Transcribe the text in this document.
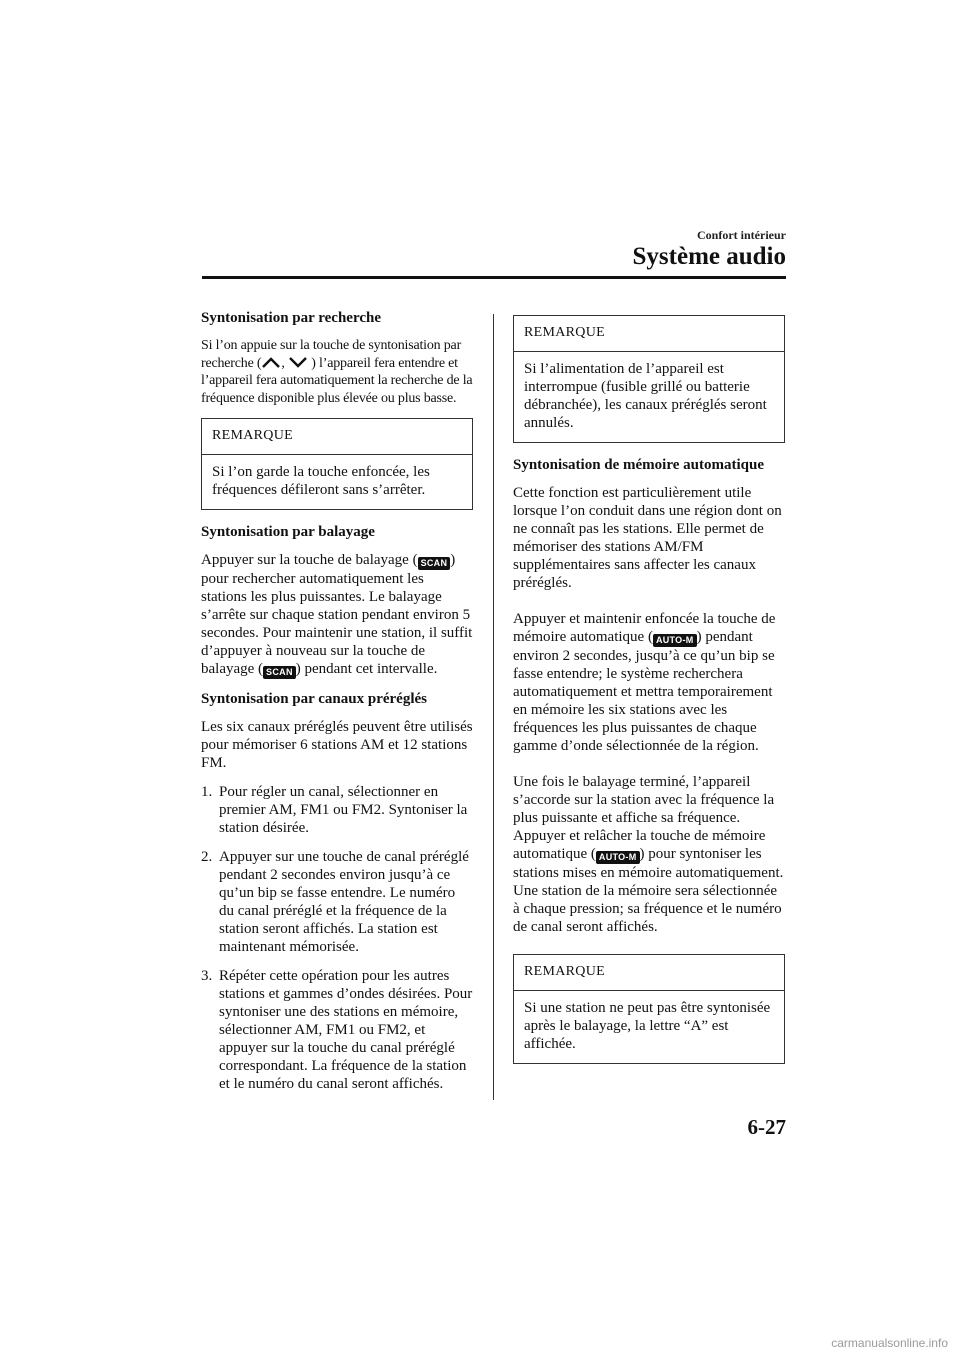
Confort intérieur
Système audio
Syntonisation par recherche

Si l’on appuie sur la touche de syntonisation par recherche ( , ) l’appareil fera entendre et l’appareil fera automatiquement la recherche de la fréquence disponible plus élevée ou plus basse.

REMARQUE
Si l’on garde la touche enfoncée, les fréquences défileront sans s’arrêter.
Syntonisation par balayage

Appuyer sur la touche de balayage ( SCAN ) pour rechercher automatiquement les stations les plus puissantes. Le balayage s’arrête sur chaque station pendant environ 5 secondes. Pour maintenir une station, il suffit d’appuyer à nouveau sur la touche de balayage ( SCAN ) pendant cet intervalle.

Syntonisation par canaux préréglés

Les six canaux préréglés peuvent être utilisés pour mémoriser 6 stations AM et 12 stations FM.

1. Pour régler un canal, sélectionner en premier AM, FM1 ou FM2. Syntoniser la station désirée.
2. Appuyer sur une touche de canal préréglé pendant 2 secondes environ jusqu’à ce qu’un bip se fasse entendre. Le numéro du canal préréglé et la fréquence de la station seront affichés. La station est maintenant mémorisée.
3. Répéter cette opération pour les autres stations et gammes d’ondes désirées. Pour syntoniser une des stations en mémoire, sélectionner AM, FM1 ou FM2, et appuyer sur la touche du canal préréglé correspondant. La fréquence de la station et le numéro du canal seront affichés.
REMARQUE
Si l’alimentation de l’appareil est interrompue (fusible grillé ou batterie débranchée), les canaux préréglés seront annulés.
Syntonisation de mémoire automatique

Cette fonction est particulièrement utile lorsque l’on conduit dans une région dont on ne connaît pas les stations. Elle permet de mémoriser des stations AM/FM supplémentaires sans affecter les canaux préréglés.

Appuyer et maintenir enfoncée la touche de mémoire automatique ( AUTO-M ) pendant environ 2 secondes, jusqu’à ce qu’un bip se fasse entendre; le système recherchera automatiquement et mettra temporairement en mémoire les six stations avec les fréquences les plus puissantes de chaque gamme d’onde sélectionnée de la région.

Une fois le balayage terminé, l’appareil s’accorde sur la station avec la fréquence la plus puissante et affiche sa fréquence. Appuyer et relâcher la touche de mémoire automatique ( AUTO-M ) pour syntoniser les stations mises en mémoire automatiquement. Une station de la mémoire sera sélectionnée à chaque pression; sa fréquence et le numéro de canal seront affichés.

REMARQUE
Si une station ne peut pas être syntonisée après le balayage, la lettre “A” est affichée.
6-27
carmanualsonline.info
